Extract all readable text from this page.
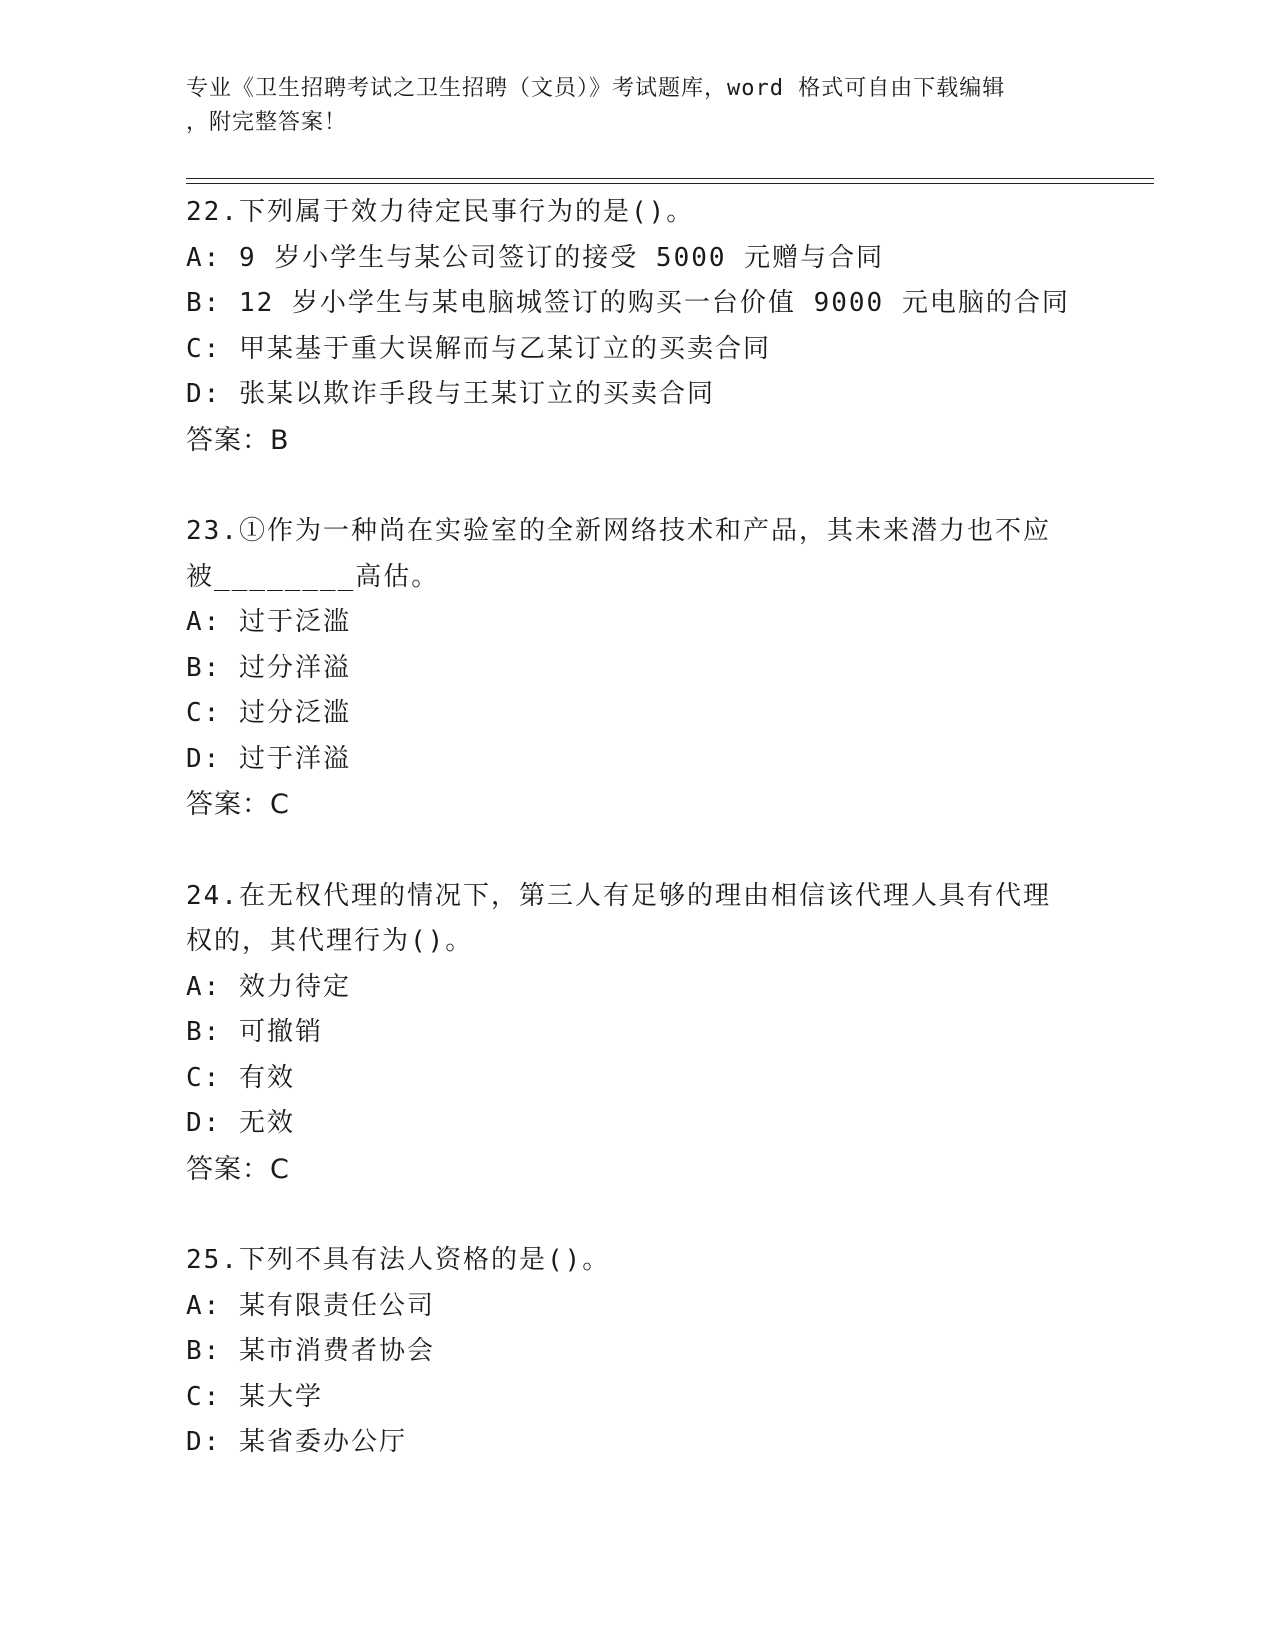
专业《卫生招聘考试之卫生招聘（文员）》考试题库，word 格式可自由下载编辑
，附完整答案！
22.下列属于效力待定民事行为的是()。
A: 9 岁小学生与某公司签订的接受 5000 元赠与合同
B: 12 岁小学生与某电脑城签订的购买一台价值 9000 元电脑的合同
C: 甲某基于重大误解而与乙某订立的买卖合同
D: 张某以欺诈手段与王某订立的买卖合同
答案：B
23.①作为一种尚在实验室的全新网络技术和产品，其未来潜力也不应
被________高估。
A: 过于泛滥
B: 过分洋溢
C: 过分泛滥
D: 过于洋溢
答案：C
24.在无权代理的情况下，第三人有足够的理由相信该代理人具有代理
权的，其代理行为()。
A: 效力待定
B: 可撤销
C: 有效
D: 无效
答案：C
25.下列不具有法人资格的是()。
A: 某有限责任公司
B: 某市消费者协会
C: 某大学
D: 某省委办公厅
